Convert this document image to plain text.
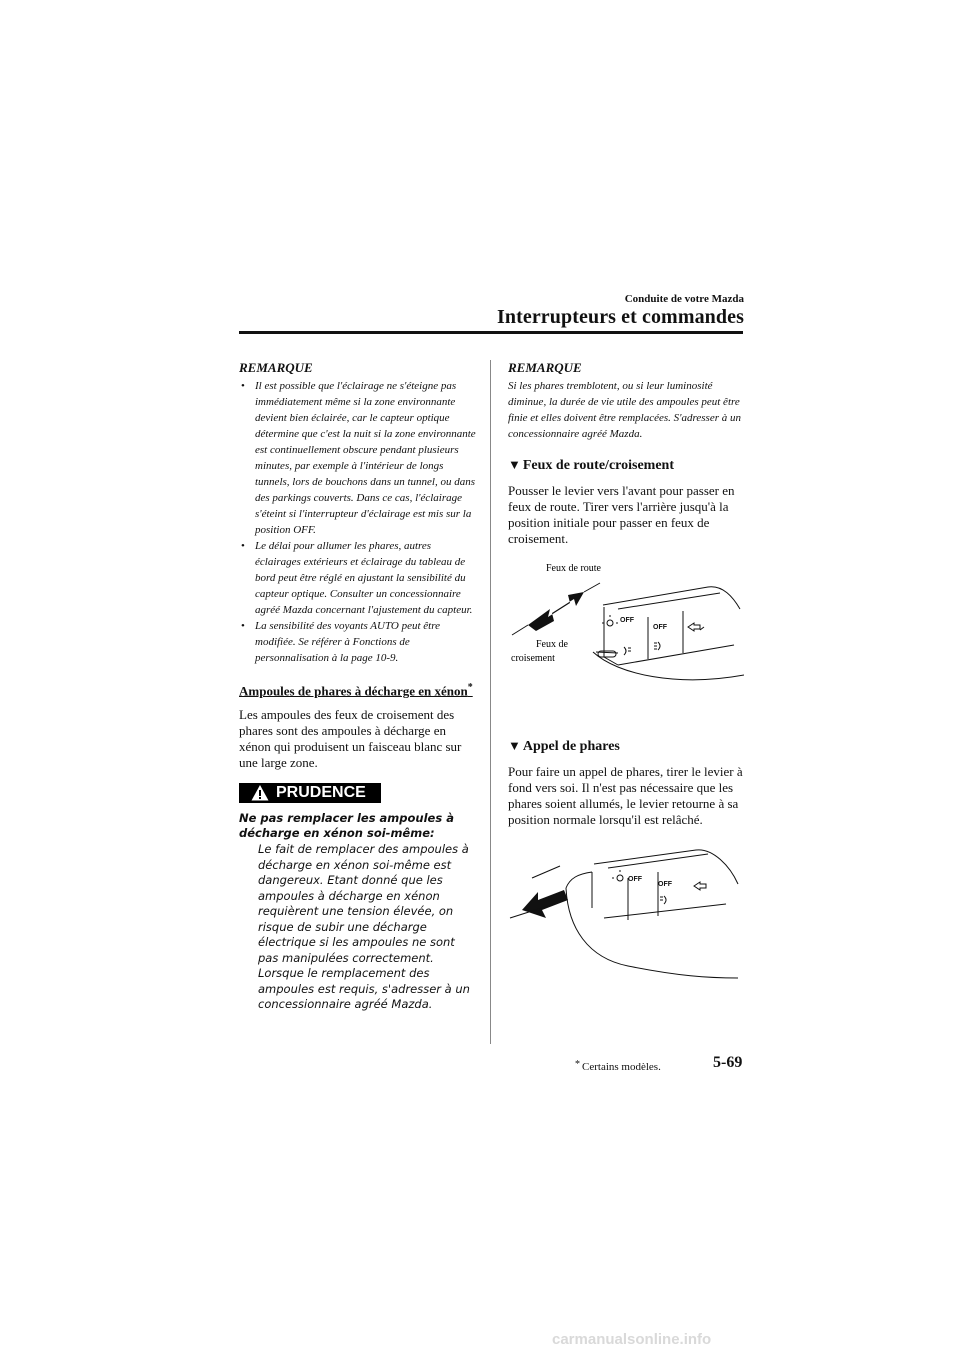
Conduite de votre Mazda
Interrupteurs et commandes
REMARQUE
• Il est possible que l'éclairage ne s'éteigne pas immédiatement même si la zone environnante devient bien éclairée, car le capteur optique détermine que c'est la nuit si la zone environnante est continuellement obscure pendant plusieurs minutes, par exemple à l'intérieur de longs tunnels, lors de bouchons dans un tunnel, ou dans des parkings couverts. Dans ce cas, l'éclairage s'éteint si l'interrupteur d'éclairage est mis sur la position OFF.
• Le délai pour allumer les phares, autres éclairages extérieurs et éclairage du tableau de bord peut être réglé en ajustant la sensibilité du capteur optique. Consulter un concessionnaire agréé Mazda concernant l'ajustement du capteur.
• La sensibilité des voyants AUTO peut être modifiée. Se référer à Fonctions de personnalisation à la page 10-9.
Ampoules de phares à décharge en xénon*

Les ampoules des feux de croisement des phares sont des ampoules à décharge en xénon qui produisent un faisceau blanc sur une large zone.

PRUDENCE

Ne pas remplacer les ampoules à décharge en xénon soi-même:

Le fait de remplacer des ampoules à décharge en xénon soi-même est dangereux. Etant donné que les ampoules à décharge en xénon requièrent une tension élevée, on risque de subir une décharge électrique si les ampoules ne sont pas manipulées correctement. Lorsque le remplacement des ampoules est requis, s'adresser à un concessionnaire agréé Mazda.

REMARQUE

Si les phares tremblotent, ou si leur luminosité diminue, la durée de vie utile des ampoules peut être finie et elles doivent être remplacées. S'adresser à un concessionnaire agréé Mazda.

▼ Feux de route/croisement

Pousser le levier vers l'avant pour passer en feux de route. Tirer vers l'arrière jusqu'à la position initiale pour passer en feux de croisement.

Feux de route
Feux de
croisement
OFF
OFF
▼ Appel de phares

Pour faire un appel de phares, tirer le levier à fond vers soi. Il n'est pas nécessaire que les phares soient allumés, le levier retourne à sa position normale lorsqu'il est relâché.

OFF
OFF
* Certains modèles.	5-69
carmanualsonline.info
